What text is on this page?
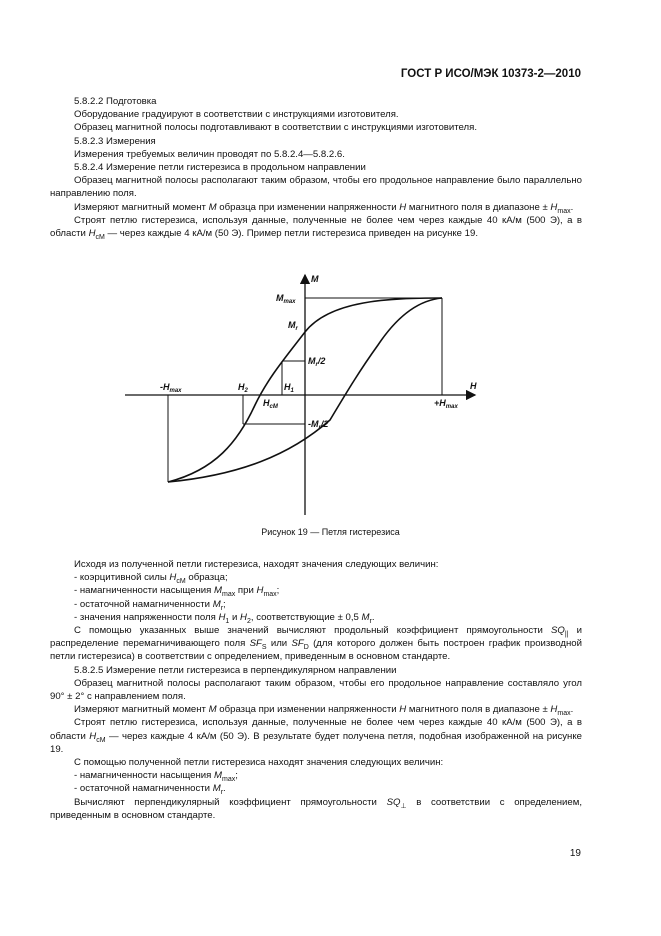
ГОСТ Р ИСО/МЭК 10373-2—2010

5.8.2.2 Подготовка

Оборудование градуируют в соответствии с инструкциями изготовителя.

Образец магнитной полосы подготавливают в соответствии с инструкциями изготовителя.

5.8.2.3 Измерения

Измерения требуемых величин проводят по 5.8.2.4—5.8.2.6.

5.8.2.4 Измерение петли гистерезиса в продольном направлении

Образец магнитной полосы располагают таким образом, чтобы его продольное направление было параллельно направлению поля.

Измеряют магнитный момент M образца при изменении напряженности H магнитного поля в диапазоне ± $H_{max}$.

Строят петлю гистерезиса, используя данные, полученные не более чем через каждые 40 кА/м (500 Э), а в области $H_{сМ}$ — через каждые 4 кА/м (50 Э). Пример петли гистерезиса приведен на рисунке 19.

M
H
$M_{max}$
$M_r$
$M_r/2$
$-M_r/2$
$-H_{max}$
$+H_{max}$
$H_1$
$H_2$
$H_{cM}$
Рисунок 19 — Петля гистерезиса

Исходя из полученной петли гистерезиса, находят значения следующих величин:

- коэрцитивной силы $H_{сМ}$ образца;

- намагниченности насыщения $M_{max}$ при $H_{max}$;

- остаточной намагниченности $M_r$;

- значения напряженности поля $H_1$ и $H_2$, соответствующие ± 0,5 $M_r$.

С помощью указанных выше значений вычисляют продольный коэффициент прямоугольности $SQ_{||}$ и распределение перемагничивающего поля $SF_S$ или $SF_D$ (для которого должен быть построен график производной петли гистерезиса) в соответствии с определением, приведенным в основном стандарте.

5.8.2.5 Измерение петли гистерезиса в перпендикулярном направлении

Образец магнитной полосы располагают таким образом, чтобы его продольное направление составляло угол 90° ± 2° с направлением поля.

Измеряют магнитный момент M образца при изменении напряженности H магнитного поля в диапазоне ± $H_{max}$.

Строят петлю гистерезиса, используя данные, полученные не более чем через каждые 40 кА/м (500 Э), а в области $H_{сМ}$ — через каждые 4 кА/м (50 Э). В результате будет получена петля, подобная изображенной на рисунке 19.

С помощью полученной петли гистерезиса находят значения следующих величин:

- намагниченности насыщения $M_{max}$;

- остаточной намагниченности $M_r$.

Вычисляют перпендикулярный коэффициент прямоугольности $SQ_\perp$ в соответствии с определением, приведенным в основном стандарте.

19
